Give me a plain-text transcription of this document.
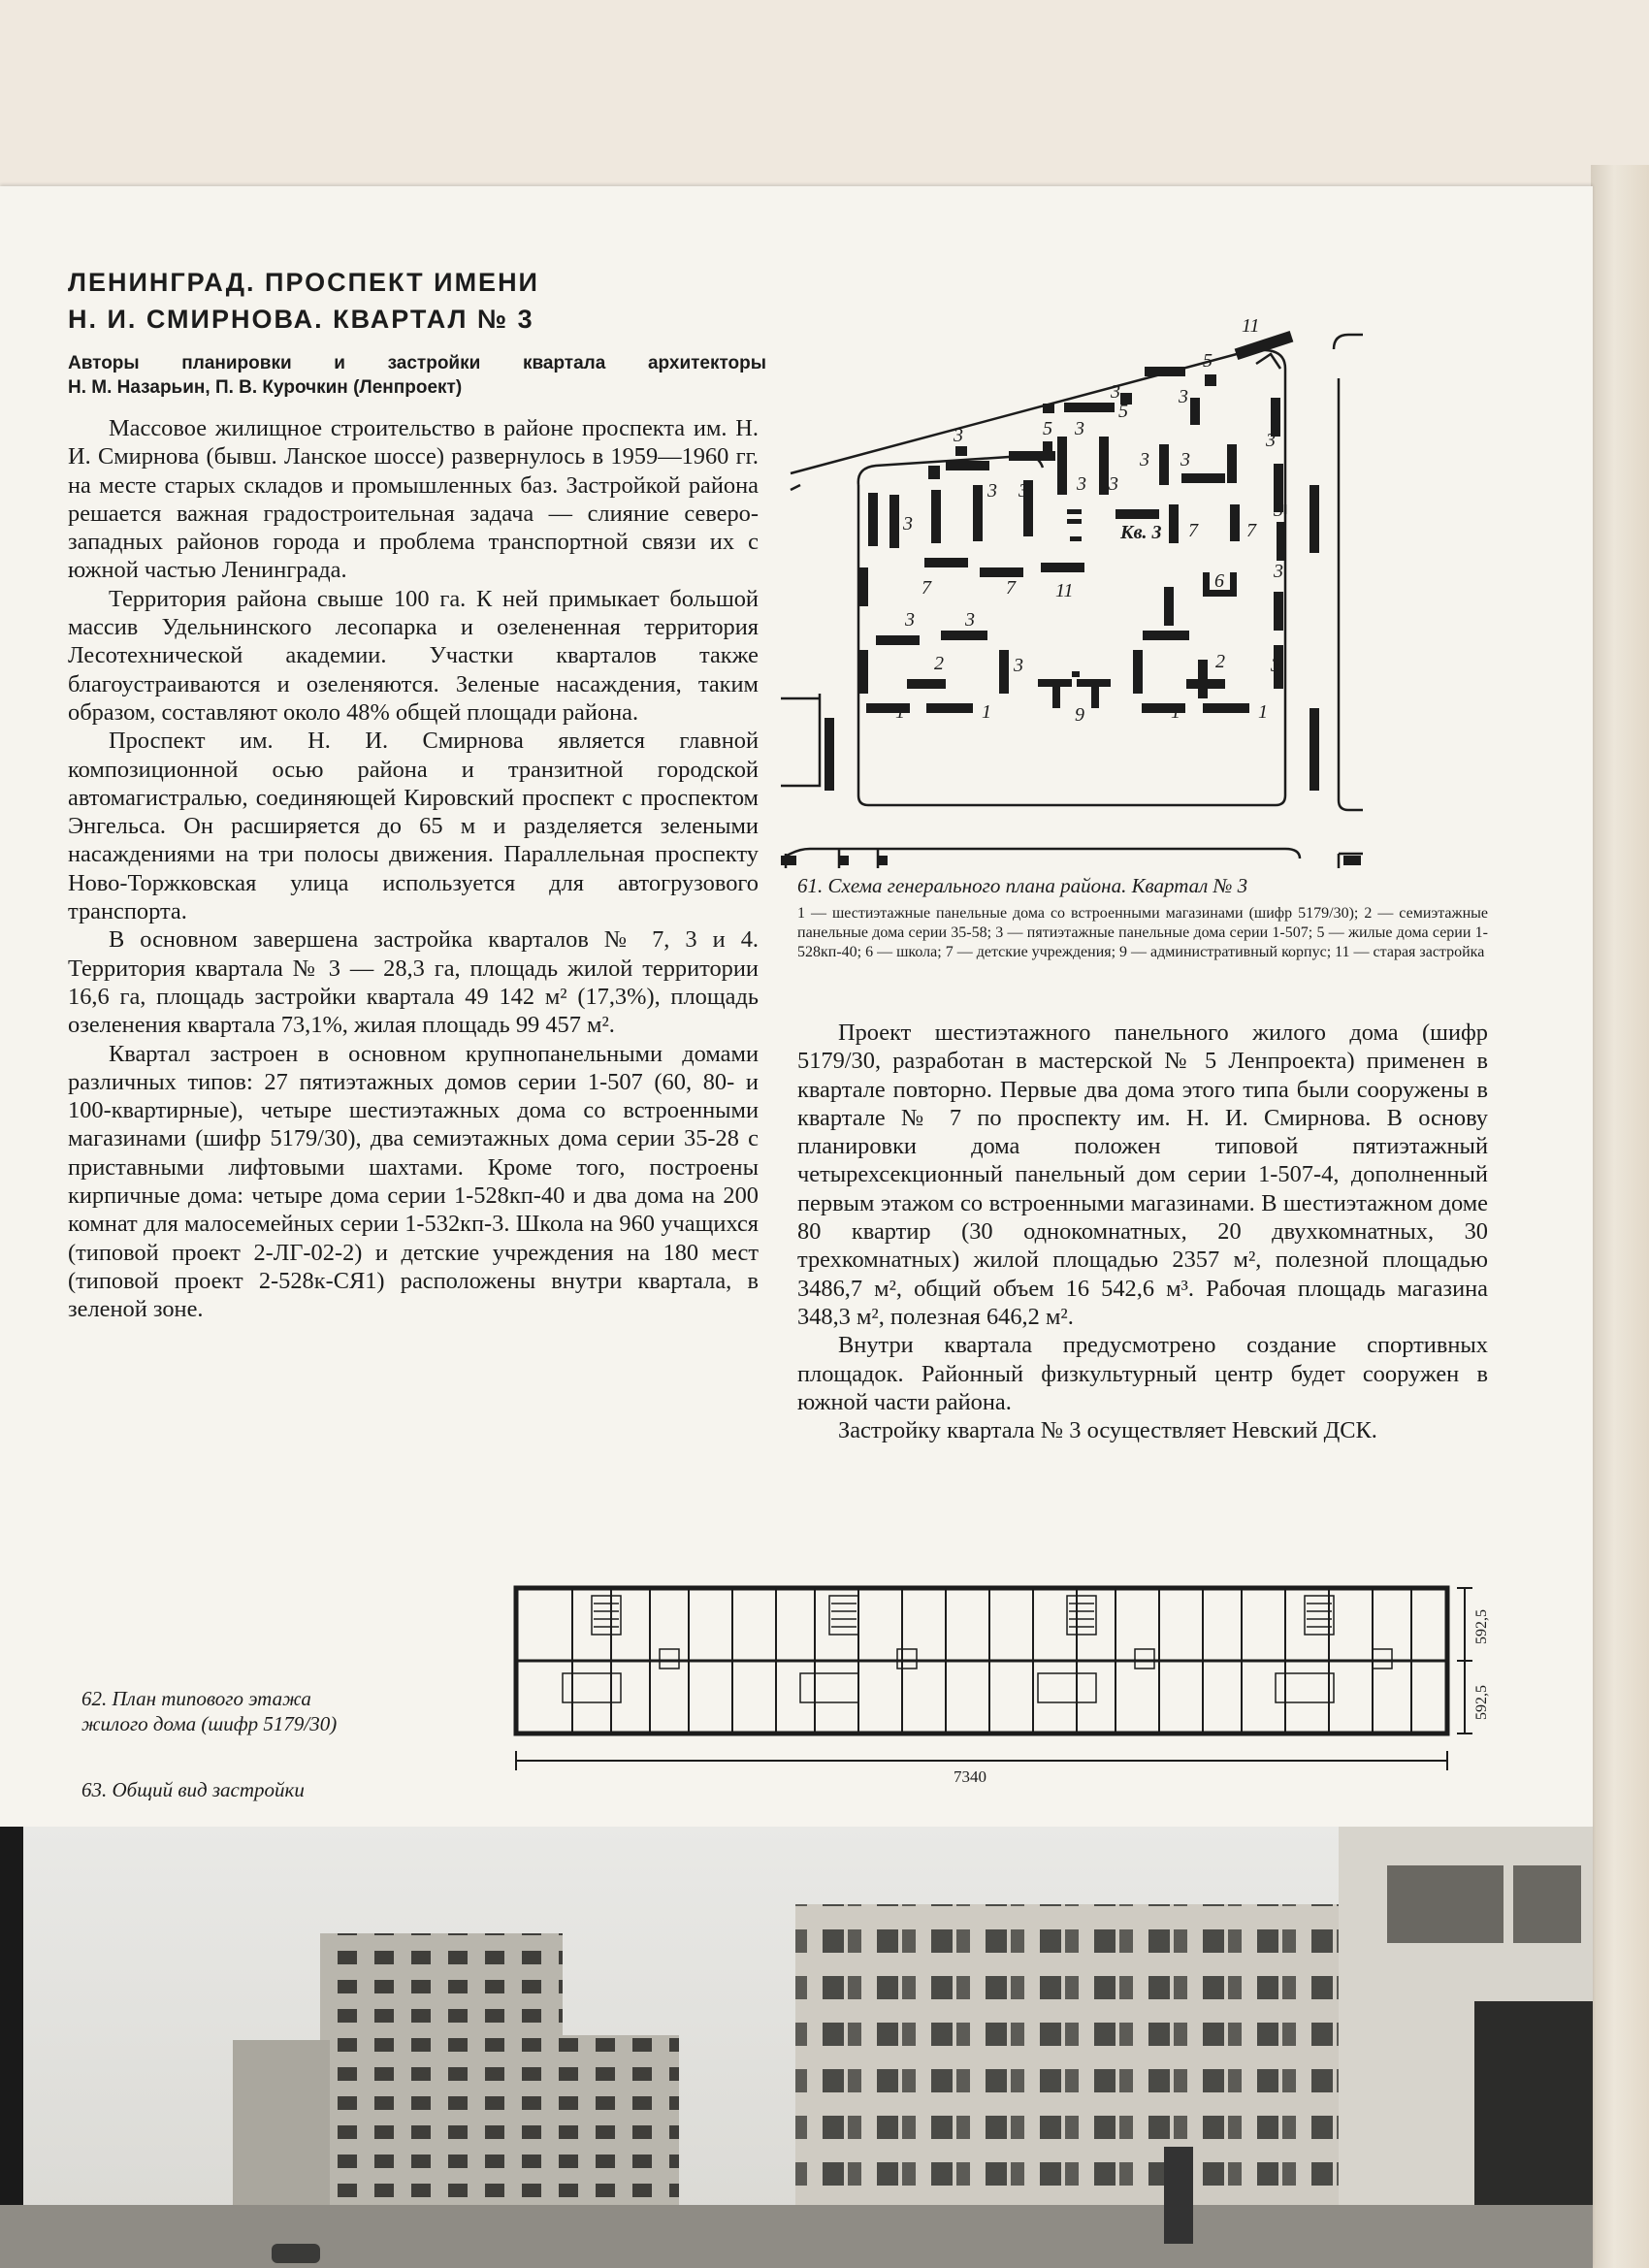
ЛЕНИНГРАД. ПРОСПЕКТ ИМЕНИ
Н. И. СМИРНОВА. КВАРТАЛ № 3
Авторы планировки и застройки квартала архитекторы
Н. М. Назарьин, П. В. Курочкин (Ленпроект)

Массовое жилищное строительство в районе проспекта им. Н. И. Смирнова (бывш. Ланское шоссе) развернулось в 1959—1960 гг. на месте старых складов и промышленных баз. Застройкой района решается важная градостроительная задача — слияние северо-западных районов города и проблема транспортной связи их с южной частью Ленинграда.

Территория района свыше 100 га. К ней примыкает большой массив Удельнинского лесопарка и озелененная территория Лесотехнической академии. Участки кварталов также благоустраиваются и озеленяются. Зеленые насаждения, таким образом, составляют около 48% общей площади района.

Проспект им. Н. И. Смирнова является главной композиционной осью района и транзитной городской автомагистралью, соединяющей Кировский проспект с проспектом Энгельса. Он расширяется до 65 м и разделяется зелеными насаждениями на три полосы движения. Параллельная проспекту Ново-Торжковская улица используется для автогрузового транспорта.

В основном завершена застройка кварталов № 7, 3 и 4. Территория квартала № 3 — 28,3 га, площадь жилой территории 16,6 га, площадь застройки квартала 49 142 м² (17,3%), площадь озеленения квартала 73,1%, жилая площадь 99 457 м².

Квартал застроен в основном крупнопанельными домами различных типов: 27 пятиэтажных домов серии 1-507 (60, 80- и 100-квартирные), четыре шестиэтажных дома со встроенными магазинами (шифр 5179/30), два семиэтажных дома серии 35-28 с приставными лифтовыми шахтами. Кроме того, построены кирпичные дома: четыре дома серии 1-528кп-40 и два дома на 200 комнат для малосемейных серии 1-532кп-3. Школа на 960 учащихся (типовой проект 2-ЛГ-02-2) и детские учреждения на 180 мест (типовой проект 2-528к-СЯ1) расположены внутри квартала, в зеленой зоне.

11
3
5
3
5
3
5
3
3 3
3 3
3
3
3 3
3	Кв. 3 7	7
7	7 11	6	3
3	3
2	2
3	3
1	1	9	1	1
61. Схема генерального плана района. Квартал № 3
1 — шестиэтажные панельные дома со встроенными магазинами (шифр 5179/30); 2 — семиэтажные панельные дома серии 35-58; 3 — пятиэтажные панельные дома серии 1-507; 5 — жилые дома серии 1-528кп-40; 6 — школа; 7 — детские учреждения; 9 — административный корпус; 11 — старая застройка

Проект шестиэтажного панельного жилого дома (шифр 5179/30, разработан в мастерской № 5 Ленпроекта) применен в квартале повторно. Первые два дома этого типа были сооружены в квартале № 7 по проспекту им. Н. И. Смирнова. В основу планировки дома положен типовой пятиэтажный четырехсекционный панельный дом серии 1-507-4, дополненный первым этажом со встроенными магазинами. В шестиэтажном доме 80 квартир (30 однокомнатных, 20 двухкомнатных, 30 трехкомнатных) жилой площадью 2357 м², полезной площадью 3486,7 м², общий объем 16 542,6 м³. Рабочая площадь магазина 348,3 м², полезная 646,2 м².

Внутри квартала предусмотрено создание спортивных площадок. Районный физкультурный центр будет сооружен в южной части района.

Застройку квартала № 3 осуществляет Невский ДСК.

7340
592,5
592,5
62. План типового этажа жилого дома (шифр 5179/30)
63. Общий вид застройки
